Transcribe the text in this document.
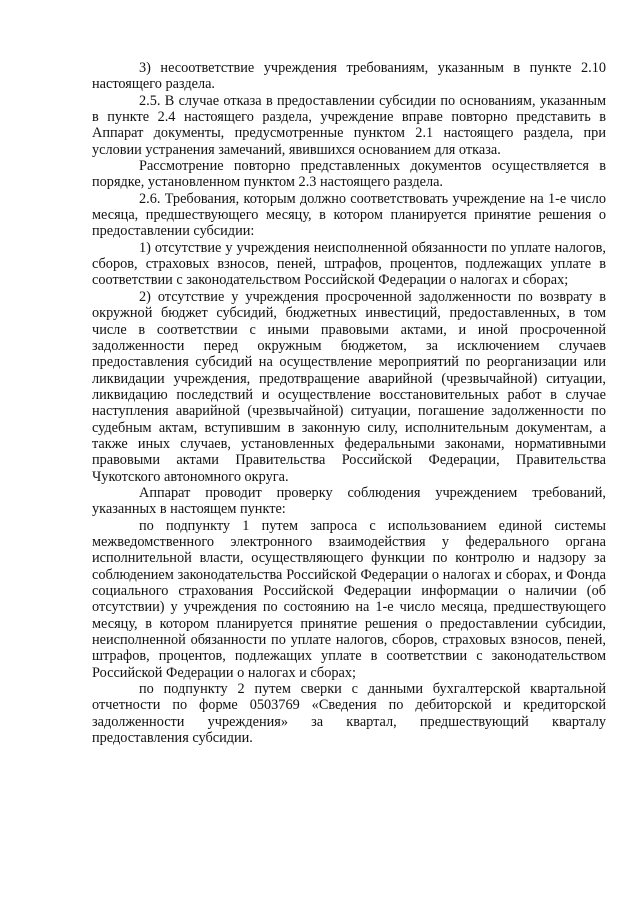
3) несоответствие учреждения требованиям, указанным в пункте 2.10 настоящего раздела.

2.5. В случае отказа в предоставлении субсидии по основаниям, указанным в пункте 2.4 настоящего раздела, учреждение вправе повторно представить в Аппарат документы, предусмотренные пунктом 2.1 настоящего раздела, при условии устранения замечаний, явившихся основанием для отказа.

Рассмотрение повторно представленных документов осуществляется в порядке, установленном пунктом 2.3 настоящего раздела.

2.6. Требования, которым должно соответствовать учреждение на 1-е число месяца, предшествующего месяцу, в котором планируется принятие решения о предоставлении субсидии:

1) отсутствие у учреждения неисполненной обязанности по уплате налогов, сборов, страховых взносов, пеней, штрафов, процентов, подлежащих уплате в соответствии с законодательством Российской Федерации о налогах и сборах;

2) отсутствие у учреждения просроченной задолженности по возврату в окружной бюджет субсидий, бюджетных инвестиций, предоставленных, в том числе в соответствии с иными правовыми актами, и иной просроченной задолженности перед окружным бюджетом, за исключением случаев предоставления субсидий на осуществление мероприятий по реорганизации или ликвидации учреждения, предотвращение аварийной (чрезвычайной) ситуации, ликвидацию последствий и осуществление восстановительных работ в случае наступления аварийной (чрезвычайной) ситуации, погашение задолженности по судебным актам, вступившим в законную силу, исполнительным документам, а также иных случаев, установленных федеральными законами, нормативными правовыми актами Правительства Российской Федерации, Правительства Чукотского автономного округа.

Аппарат проводит проверку соблюдения учреждением требований, указанных в настоящем пункте:

по подпункту 1 путем запроса с использованием единой системы межведомственного электронного взаимодействия у федерального органа исполнительной власти, осуществляющего функции по контролю и надзору за соблюдением законодательства Российской Федерации о налогах и сборах, и Фонда социального страхования Российской Федерации информации о наличии (об отсутствии) у учреждения по состоянию на 1-е число месяца, предшествующего месяцу, в котором планируется принятие решения о предоставлении субсидии, неисполненной обязанности по уплате налогов, сборов, страховых взносов, пеней, штрафов, процентов, подлежащих уплате в соответствии с законодательством Российской Федерации о налогах и сборах;

по подпункту 2 путем сверки с данными бухгалтерской квартальной отчетности по форме 0503769 «Сведения по дебиторской и кредиторской задолженности учреждения» за квартал, предшествующий кварталу предоставления субсидии.
